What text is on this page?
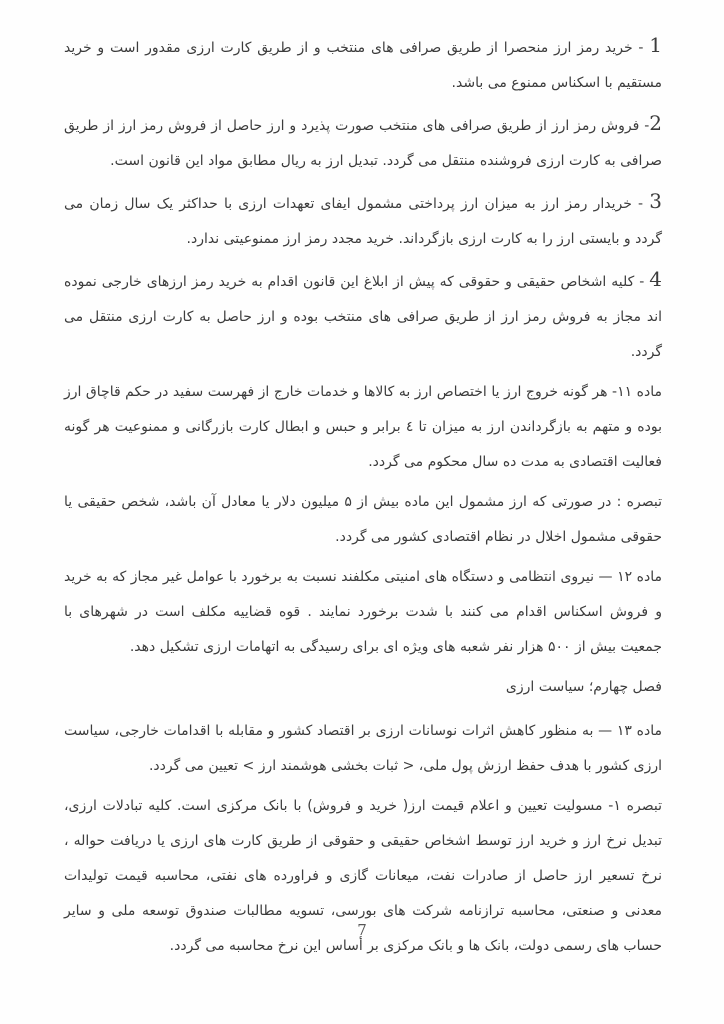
1 - خرید رمز ارز منحصرا از طریق صرافی های منتخب و از طریق کارت ارزی مقدور است و خرید مستقیم با اسکناس ممنوع می باشد.

2- فروش رمز ارز از طریق صرافی های منتخب صورت پذیرد و ارز حاصل از فروش رمز ارز از طریق صرافی به کارت ارزی فروشنده منتقل می گردد. تبدیل ارز به ریال مطابق مواد این قانون است.

3 - خریدار رمز ارز به میزان ارز پرداختی مشمول ایفای تعهدات ارزی با حداکثر یک سال زمان می گردد و بایستی ارز را به کارت ارزی بازگرداند. خرید مجدد رمز ارز ممنوعیتی ندارد.

4 - کلیه اشخاص حقیقی و حقوقی که پیش از ابلاغ این قانون اقدام به خرید رمز ارزهای خارجی نموده اند مجاز به فروش رمز ارز از طریق صرافی های منتخب بوده و ارز حاصل به کارت ارزی منتقل می گردد.

ماده ۱۱- هر گونه خروج ارز یا اختصاص ارز به کالاها و خدمات خارج از فهرست سفید در حکم قاچاق ارز بوده و متهم به بازگرداندن ارز به میزان تا ٤ برابر و حبس و ابطال کارت بازرگانی و ممنوعیت هر گونه فعالیت اقتصادی به مدت ده سال محکوم می گردد.

تبصره : در صورتی که ارز مشمول این ماده بیش از ۵ میلیون دلار یا معادل آن باشد، شخص حقیقی یا حقوقی مشمول اخلال در نظام اقتصادی کشور می گردد.

ماده ۱۲ — نیروی انتظامی و دستگاه های امنیتی مکلفند نسبت به برخورد با عوامل غیر مجاز که به خرید و فروش اسکناس اقدام می کنند با شدت برخورد نمایند . قوه قضاییه مکلف است در شهرهای با جمعیت بیش از ۵۰۰ هزار نفر شعبه های ویژه ای برای رسیدگی به اتهامات ارزی تشکیل دهد.

فصل چهارم؛ سیاست ارزی

ماده ۱۳ — به منظور کاهش اثرات نوسانات ارزی بر اقتصاد کشور و مقابله با اقدامات خارجی، سیاست ارزی کشور با هدف حفظ ارزش پول ملی، < ثبات بخشی هوشمند ارز > تعیین می گردد.

تبصره ۱- مسولیت تعیین و اعلام قیمت ارز( خرید و فروش) با بانک مرکزی است. کلیه تبادلات ارزی، تبدیل نرخ ارز و خرید ارز توسط اشخاص حقیقی و حقوقی از طریق کارت های ارزی یا دریافت حواله ، نرخ تسعیر ارز حاصل از صادرات نفت، میعانات گازی و فراورده های نفتی، محاسبه قیمت تولیدات معدنی و صنعتی، محاسبه ترازنامه شرکت های بورسی، تسویه مطالبات صندوق توسعه ملی و سایر حساب های رسمی دولت، بانک ها و بانک مرکزی بر أساس این نرخ محاسبه می گردد.

7
